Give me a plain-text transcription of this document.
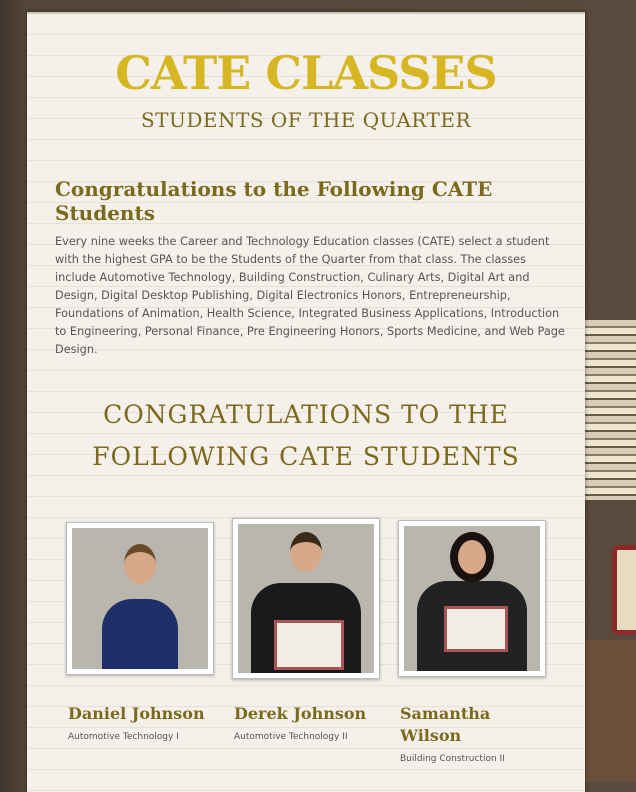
CATE CLASSES
STUDENTS OF THE QUARTER
Congratulations to the Following CATE Students
Every nine weeks the Career and Technology Education classes (CATE) select a student with the highest GPA to be the Students of the Quarter from that class. The classes include Automotive Technology, Building Construction, Culinary Arts, Digital Art and Design, Digital Desktop Publishing, Digital Electronics Honors, Entrepreneurship, Foundations of Animation, Health Science, Integrated Business Applications, Introduction to Engineering, Personal Finance, Pre Engineering Honors, Sports Medicine, and Web Page Design.
CONGRATULATIONS TO THE FOLLOWING CATE STUDENTS
Daniel Johnson
Automotive Technology I
Derek Johnson
Automotive Technology II
Samantha Wilson
Building Construction II
